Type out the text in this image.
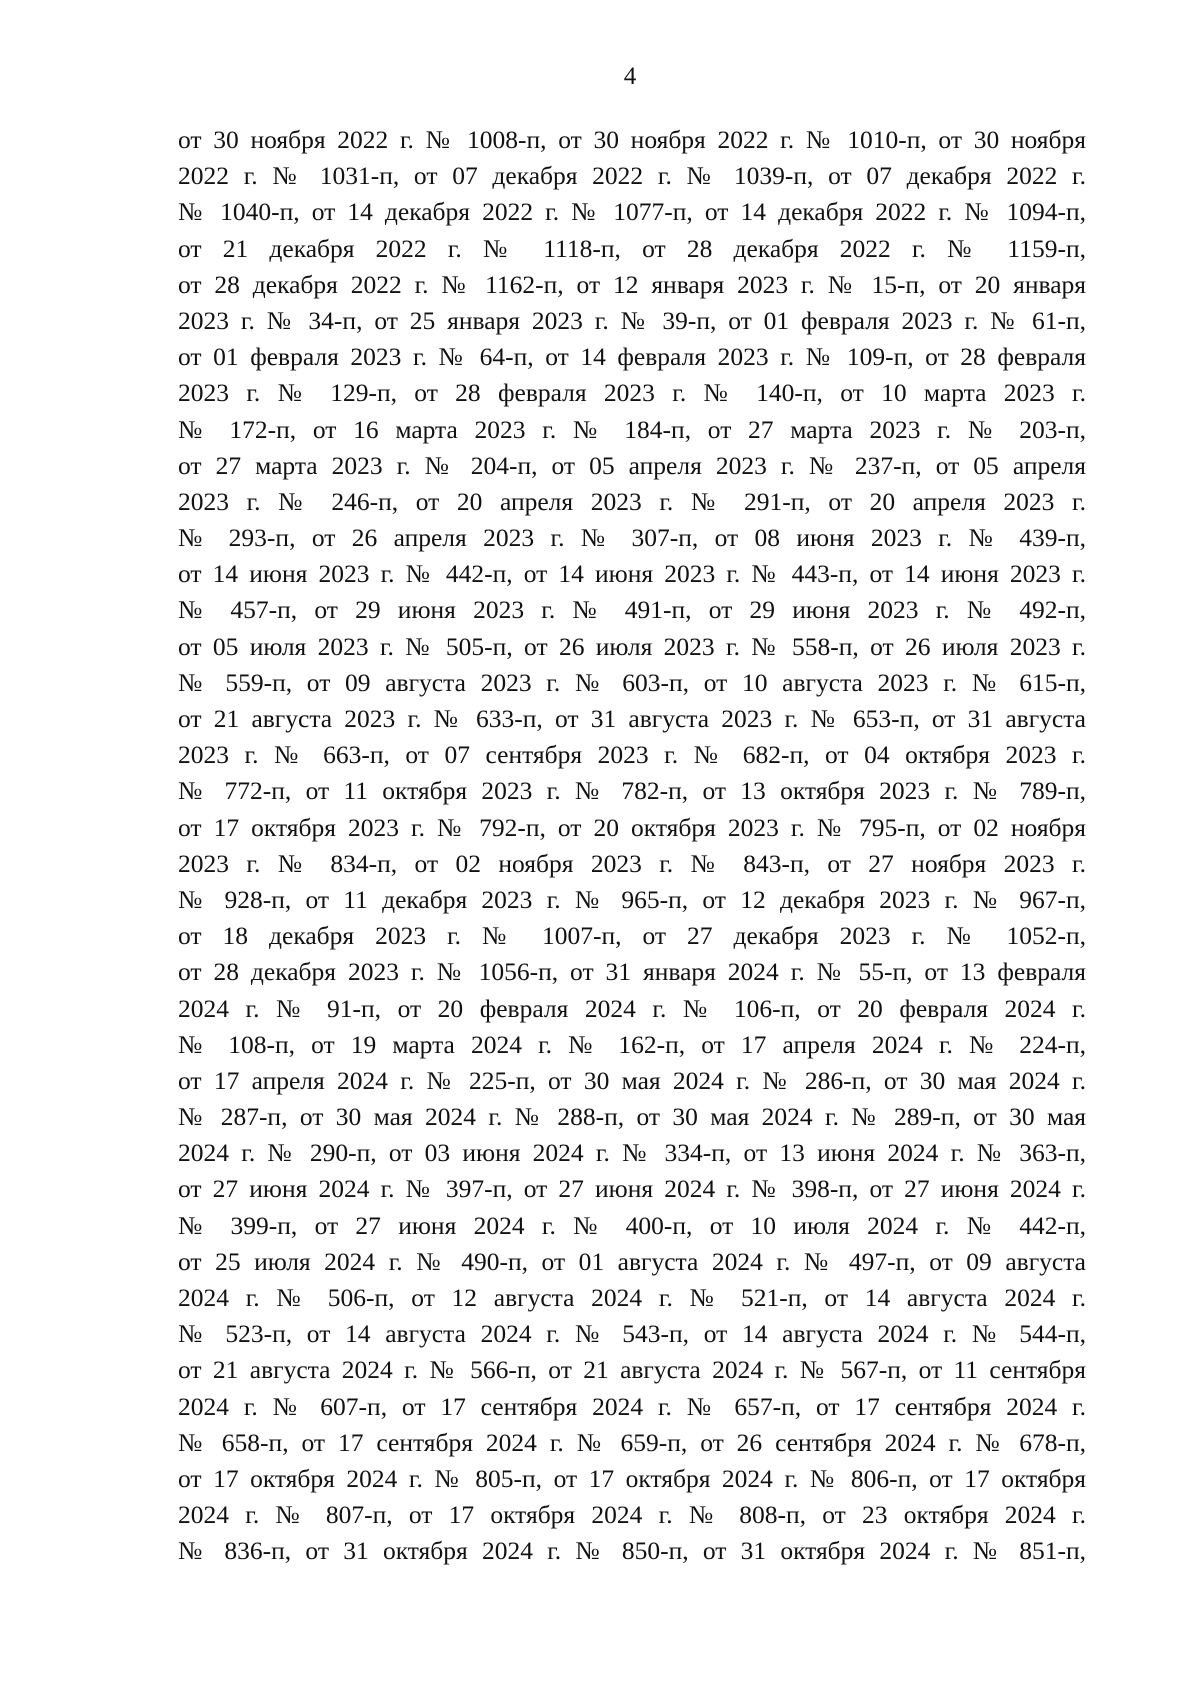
4
от 30 ноября 2022 г. № 1008-п, от 30 ноября 2022 г. № 1010-п, от 30 ноября
2022 г. № 1031-п, от 07 декабря 2022 г. № 1039-п, от 07 декабря 2022 г.
№ 1040-п, от 14 декабря 2022 г. № 1077-п, от 14 декабря 2022 г. № 1094-п,
от 21 декабря 2022 г. № 1118-п, от 28 декабря 2022 г. № 1159-п,
от 28 декабря 2022 г. № 1162-п, от 12 января 2023 г. № 15-п, от 20 января
2023 г. № 34-п, от 25 января 2023 г. № 39-п, от 01 февраля 2023 г. № 61-п,
от 01 февраля 2023 г. № 64-п, от 14 февраля 2023 г. № 109-п, от 28 февраля
2023 г. № 129-п, от 28 февраля 2023 г. № 140-п, от 10 марта 2023 г.
№ 172-п, от 16 марта 2023 г. № 184-п, от 27 марта 2023 г. № 203-п,
от 27 марта 2023 г. № 204-п, от 05 апреля 2023 г. № 237-п, от 05 апреля
2023 г. № 246-п, от 20 апреля 2023 г. № 291-п, от 20 апреля 2023 г.
№ 293-п, от 26 апреля 2023 г. № 307-п, от 08 июня 2023 г. № 439-п,
от 14 июня 2023 г. № 442-п, от 14 июня 2023 г. № 443-п, от 14 июня 2023 г.
№ 457-п, от 29 июня 2023 г. № 491-п, от 29 июня 2023 г. № 492-п,
от 05 июля 2023 г. № 505-п, от 26 июля 2023 г. № 558-п, от 26 июля 2023 г.
№ 559-п, от 09 августа 2023 г. № 603-п, от 10 августа 2023 г. № 615-п,
от 21 августа 2023 г. № 633-п, от 31 августа 2023 г. № 653-п, от 31 августа
2023 г. № 663-п, от 07 сентября 2023 г. № 682-п, от 04 октября 2023 г.
№ 772-п, от 11 октября 2023 г. № 782-п, от 13 октября 2023 г. № 789-п,
от 17 октября 2023 г. № 792-п, от 20 октября 2023 г. № 795-п, от 02 ноября
2023 г. № 834-п, от 02 ноября 2023 г. № 843-п, от 27 ноября 2023 г.
№ 928-п, от 11 декабря 2023 г. № 965-п, от 12 декабря 2023 г. № 967-п,
от 18 декабря 2023 г. № 1007-п, от 27 декабря 2023 г. № 1052-п,
от 28 декабря 2023 г. № 1056-п, от 31 января 2024 г. № 55-п, от 13 февраля
2024 г. № 91-п, от 20 февраля 2024 г. № 106-п, от 20 февраля 2024 г.
№ 108-п, от 19 марта 2024 г. № 162-п, от 17 апреля 2024 г. № 224-п,
от 17 апреля 2024 г. № 225-п, от 30 мая 2024 г. № 286-п, от 30 мая 2024 г.
№ 287-п, от 30 мая 2024 г. № 288-п, от 30 мая 2024 г. № 289-п, от 30 мая
2024 г. № 290-п, от 03 июня 2024 г. № 334-п, от 13 июня 2024 г. № 363-п,
от 27 июня 2024 г. № 397-п, от 27 июня 2024 г. № 398-п, от 27 июня 2024 г.
№ 399-п, от 27 июня 2024 г. № 400-п, от 10 июля 2024 г. № 442-п,
от 25 июля 2024 г. № 490-п, от 01 августа 2024 г. № 497-п, от 09 августа
2024 г. № 506-п, от 12 августа 2024 г. № 521-п, от 14 августа 2024 г.
№ 523-п, от 14 августа 2024 г. № 543-п, от 14 августа 2024 г. № 544-п,
от 21 августа 2024 г. № 566-п, от 21 августа 2024 г. № 567-п, от 11 сентября
2024 г. № 607-п, от 17 сентября 2024 г. № 657-п, от 17 сентября 2024 г.
№ 658-п, от 17 сентября 2024 г. № 659-п, от 26 сентября 2024 г. № 678-п,
от 17 октября 2024 г. № 805-п, от 17 октября 2024 г. № 806-п, от 17 октября
2024 г. № 807-п, от 17 октября 2024 г. № 808-п, от 23 октября 2024 г.
№ 836-п, от 31 октября 2024 г. № 850-п, от 31 октября 2024 г. № 851-п,
